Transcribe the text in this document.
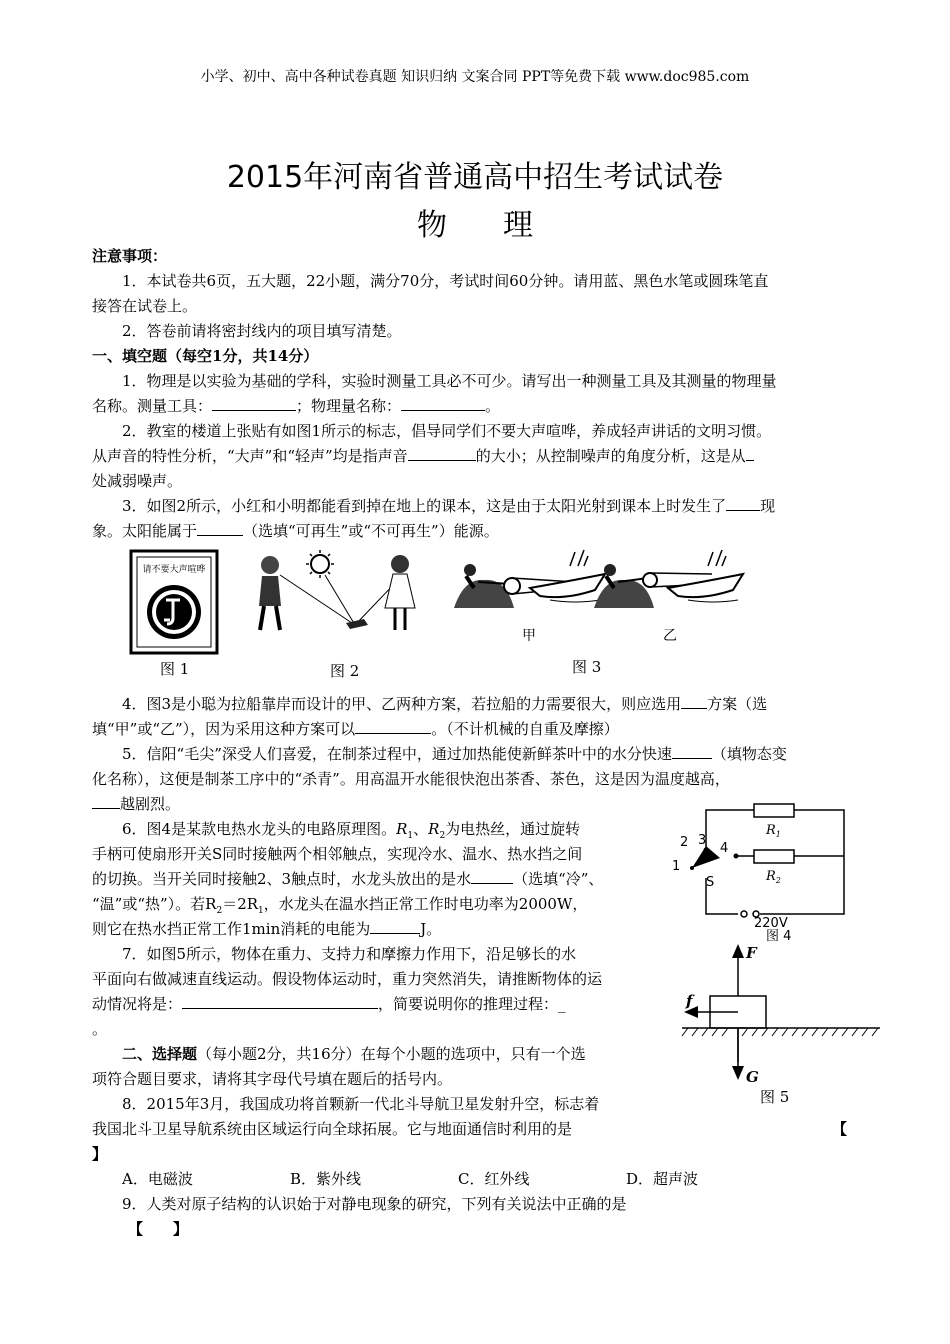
小学、初中、高中各种试卷真题 知识归纳 文案合同 PPT等免费下载 www.doc985.com
2015年河南省普通高中招生考试试卷
物 理
注意事项：
1．本试卷共6页，五大题，22小题，满分70分，考试时间60分钟。请用蓝、黑色水笔或圆珠笔直
接答在试卷上。
2．答卷前请将密封线内的项目填写清楚。
一、填空题（每空1分，共14分）
1．物理是以实验为基础的学科，实验时测量工具必不可少。请写出一种测量工具及其测量的物理量
名称。测量工具：	；物理量名称：	。
2．教室的楼道上张贴有如图1所示的标志，倡导同学们不要大声喧哗，养成轻声讲话的文明习惯。
从声音的特性分析，“大声”和“轻声”均是指声音	的大小；从控制噪声的角度分析，这是从
处减弱噪声。
3．如图2所示，小红和小明都能看到掉在地上的课本，这是由于太阳光射到课本上时发生了 现
象。太阳能属于	（选填“可再生”或“不可再生”）能源。
请不要大声喧哗
图 1	图 2
甲	乙
图 3
4．图3是小聪为拉船靠岸而设计的甲、乙两种方案，若拉船的力需要很大，则应选用 方案（选
填“甲”或“乙”），因为采用这种方案可以	。（不计机械的自重及摩擦）
5．信阳“毛尖”深受人们喜爱，在制茶过程中，通过加热能使新鲜茶叶中的水分快速	（填物态变
化名称），这便是制茶工序中的“杀青”。用高温开水能很快泡出茶香、茶色，这是因为温度越高，
越剧烈。
6．图4是某款电热水龙头的电路原理图。$R_1$、$R_2$为电热丝，通过旋转
手柄可使扇形开关S同时接触两个相邻触点，实现冷水、温水、热水挡之间
的切换。当开关同时接触2、3触点时，水龙头放出的是水	（选填“冷”、
“温”或“热”）。若$R_2=2R_1$，水龙头在温水挡正常工作时电功率为2000W，
则它在热水挡正常工作1min消耗的电能为	J。
$R_1$
$R_2$
2 3
1
4
S
220V
图 4
7．如图5所示，物体在重力、支持力和摩擦力作用下，沿足够长的水
平面向右做减速直线运动。假设物体运动时，重力突然消失，请推断物体的运
动情况将是：	，简要说明你的推理过程：_
。
F
f
G
图 5
二、选择题（每小题2分，共16分）在每个小题的选项中，只有一个选
项符合题目要求，请将其字母代号填在题后的括号内。
8．2015年3月，我国成功将首颗新一代北斗导航卫星发射升空，标志着
我国北斗卫星导航系统由区域运行向全球拓展。它与地面通信时利用的是	【
】
A．电磁波	B．紫外线	C．红外线	D．超声波
9．人类对原子结构的认识始于对静电现象的研究，下列有关说法中正确的是
【　　】
